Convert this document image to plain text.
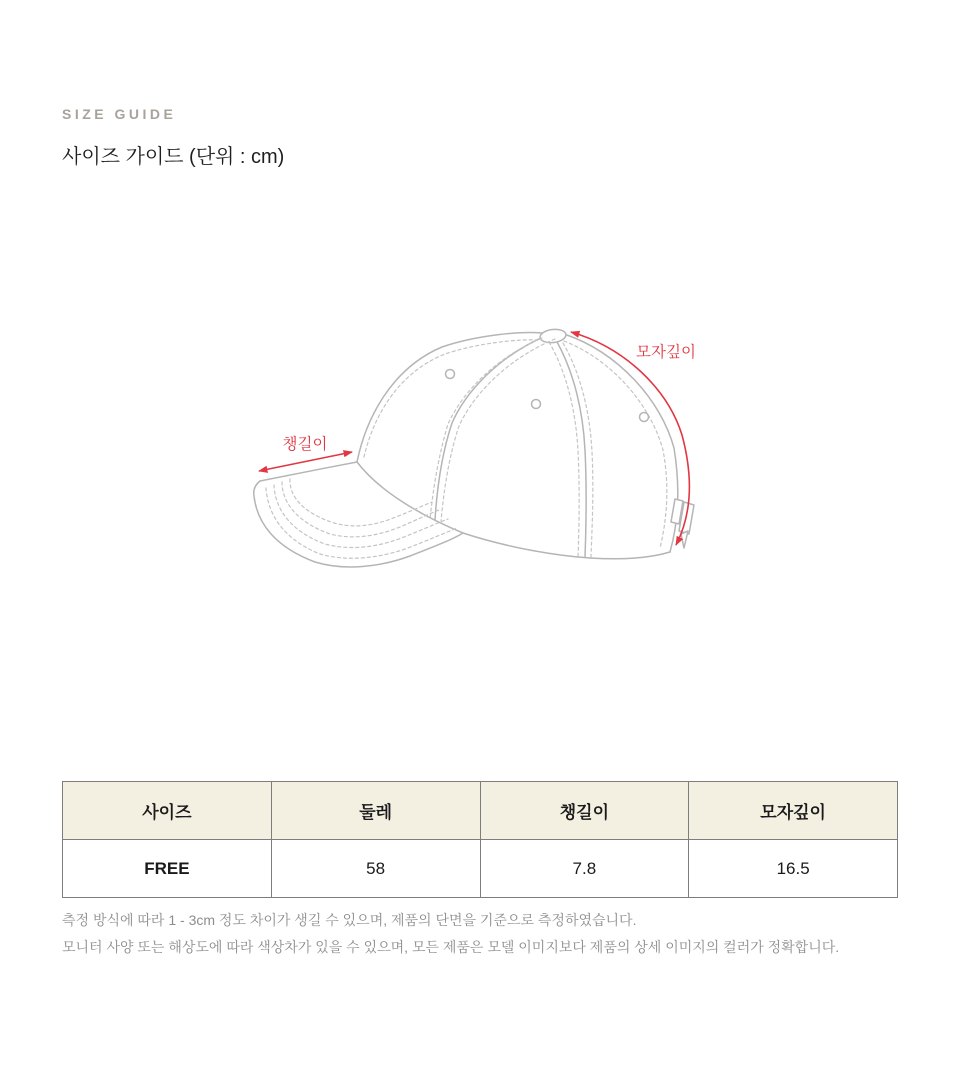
SIZE GUIDE
사이즈 가이드 (단위 : cm)
챙길이
모자깊이
사이즈	둘레	챙길이	모자깊이
FREE	58	7.8	16.5

측정 방식에 따라 1 - 3cm 정도 차이가 생길 수 있으며, 제품의 단면을 기준으로 측정하였습니다.

모니터 사양 또는 해상도에 따라 색상차가 있을 수 있으며, 모든 제품은 모델 이미지보다 제품의 상세 이미지의 컬러가 정확합니다.
